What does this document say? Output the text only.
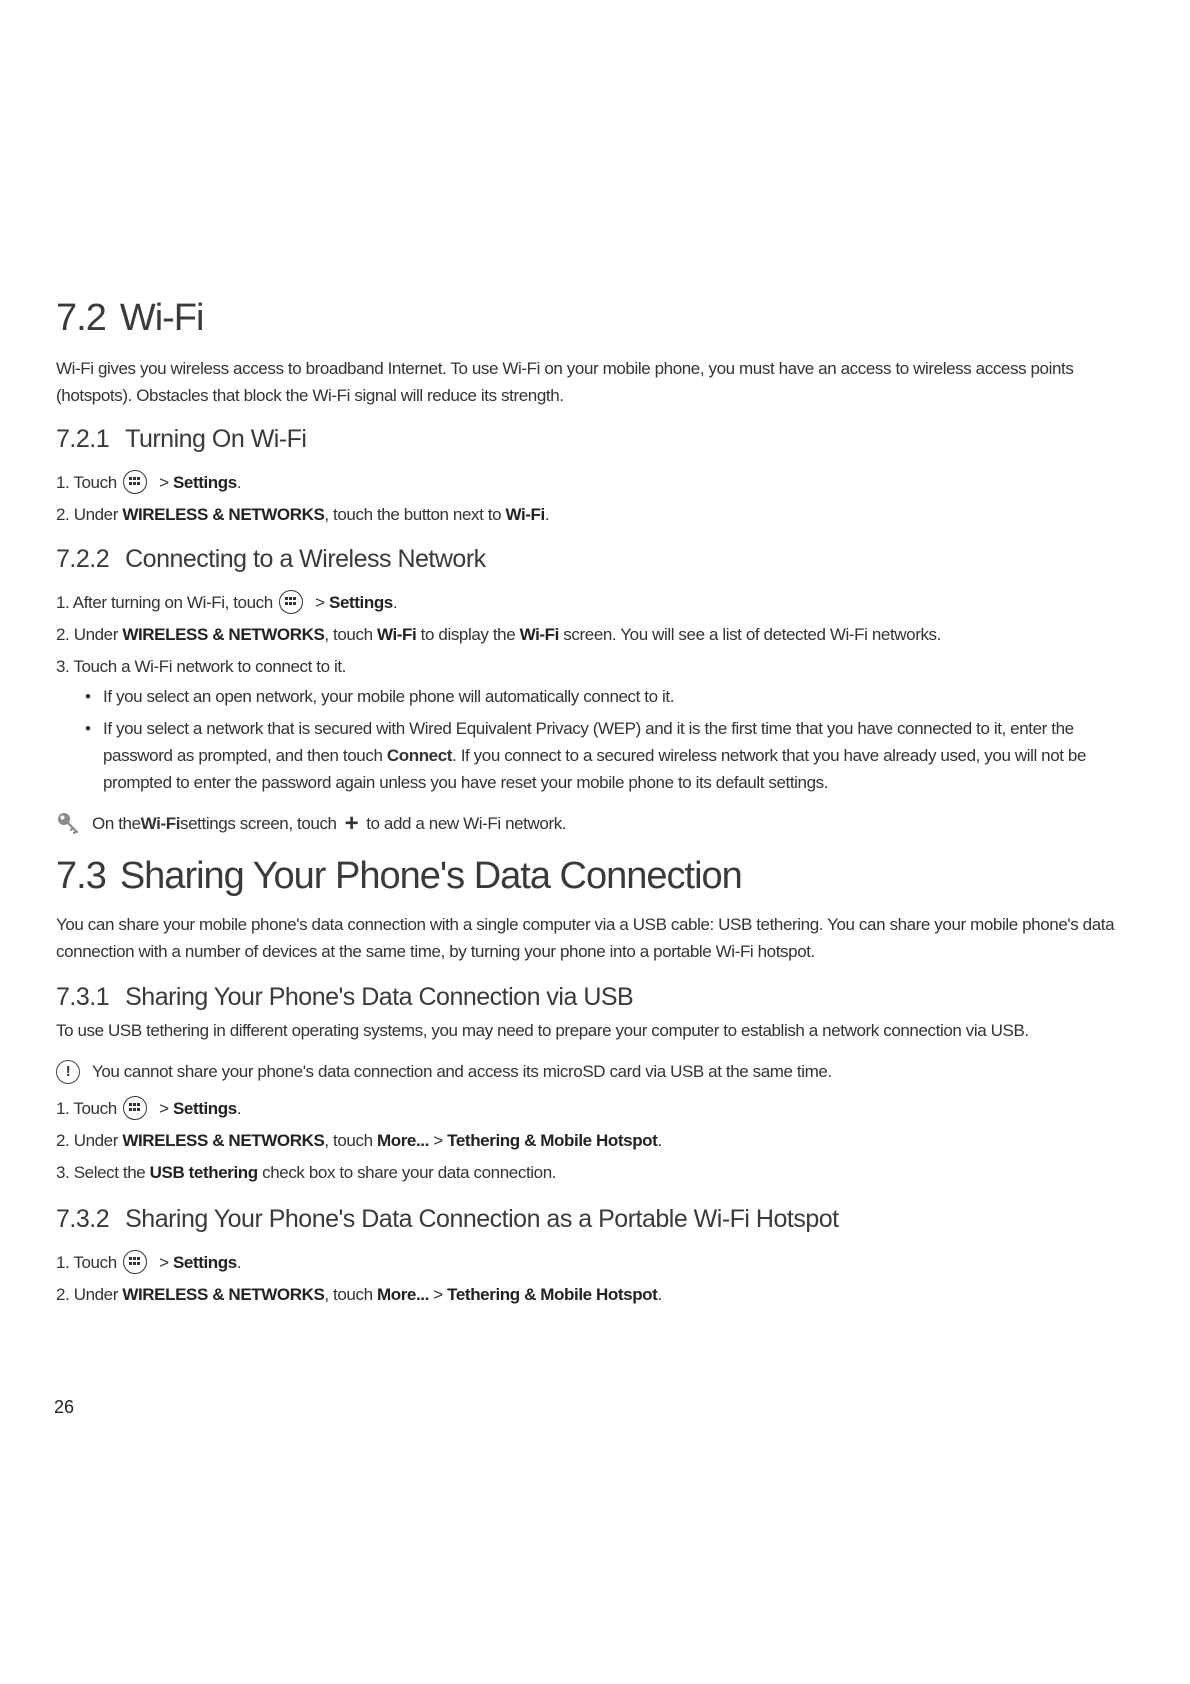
7.2 Wi-Fi

Wi-Fi gives you wireless access to broadband Internet. To use Wi-Fi on your mobile phone, you must have an access to wireless access points (hotspots). Obstacles that block the Wi-Fi signal will reduce its strength.

7.2.1 Turning On Wi-Fi
1. Touch > Settings.
2. Under WIRELESS & NETWORKS, touch the button next to Wi-Fi.
7.2.2 Connecting to a Wireless Network
1. After turning on Wi-Fi, touch > Settings.
2. Under WIRELESS & NETWORKS, touch Wi-Fi to display the Wi-Fi screen. You will see a list of detected Wi-Fi networks.
3. Touch a Wi-Fi network to connect to it.
• If you select an open network, your mobile phone will automatically connect to it.
• If you select a network that is secured with Wired Equivalent Privacy (WEP) and it is the first time that you have connected to it, enter the password as prompted, and then touch Connect. If you connect to a secured wireless network that you have already used, you will not be prompted to enter the password again unless you have reset your mobile phone to its default settings.
On the Wi-Fi settings screen, touch + to add a new Wi-Fi network.
7.3 Sharing Your Phone's Data Connection

You can share your mobile phone's data connection with a single computer via a USB cable: USB tethering. You can share your mobile phone's data connection with a number of devices at the same time, by turning your phone into a portable Wi-Fi hotspot.

7.3.1 Sharing Your Phone's Data Connection via USB

To use USB tethering in different operating systems, you may need to prepare your computer to establish a network connection via USB.

!	You cannot share your phone's data connection and access its microSD card via USB at the same time.
1. Touch > Settings.
2. Under WIRELESS & NETWORKS, touch More... > Tethering & Mobile Hotspot.
3. Select the USB tethering check box to share your data connection.
7.3.2 Sharing Your Phone's Data Connection as a Portable Wi-Fi Hotspot
1. Touch > Settings.
2. Under WIRELESS & NETWORKS, touch More... > Tethering & Mobile Hotspot.
26
